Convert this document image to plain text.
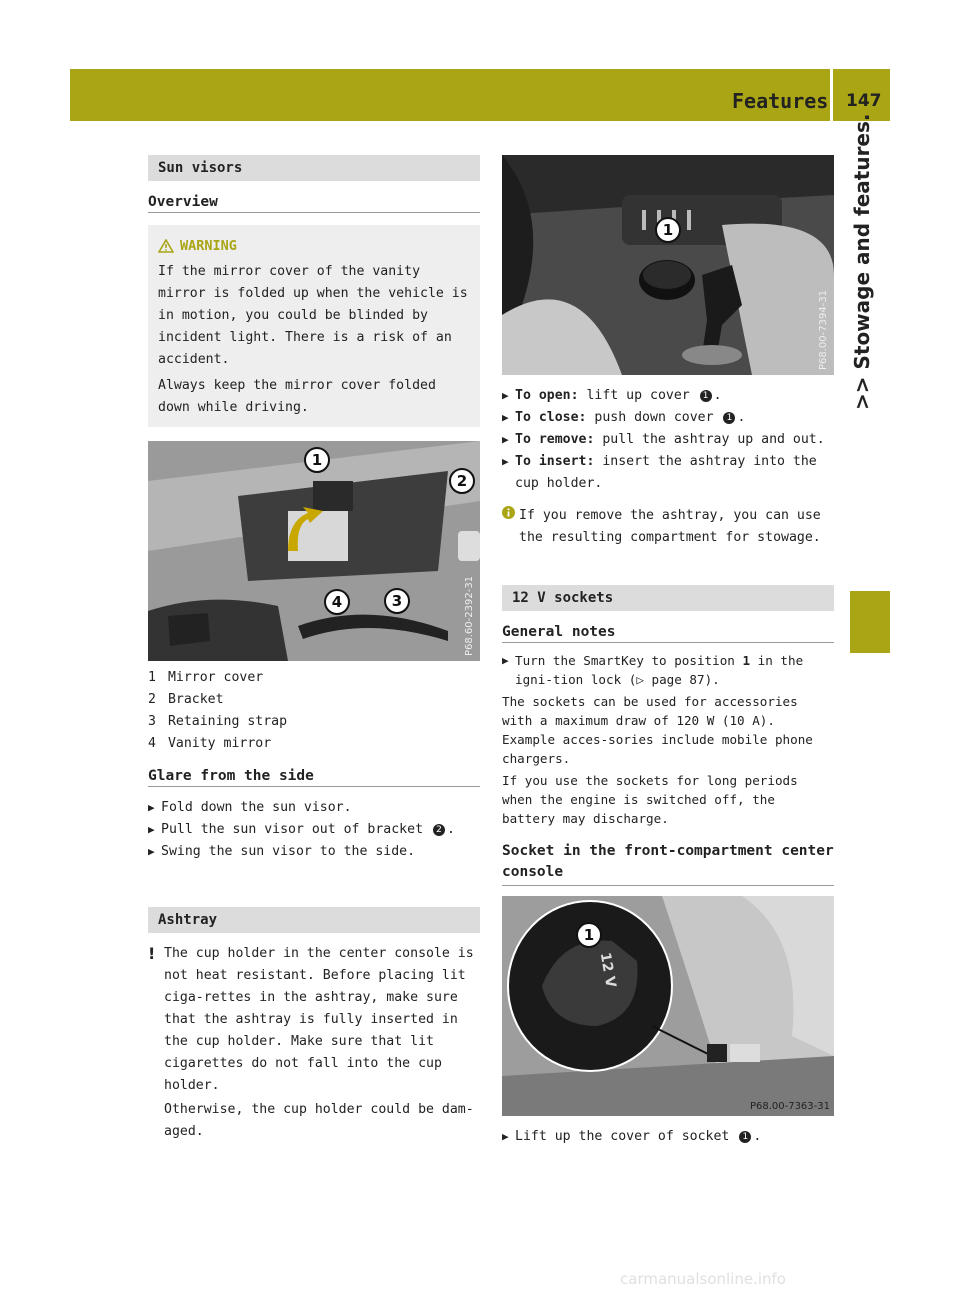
Features 147
>> Stowage and features.
Sun visors
Overview
WARNING
If the mirror cover of the vanity mirror is folded up when the vehicle is in motion, you could be blinded by incident light. There is a risk of an accident.
Always keep the mirror cover folded down while driving.
1
2
3
4	P68.60-2392-31
1 Mirror cover
2 Bracket
3 Retaining strap
4 Vanity mirror
Glare from the side
▶ Fold down the sun visor.
▶ Pull the sun visor out of bracket 2 .
▶ Swing the sun visor to the side.
Ashtray
! The cup holder in the center console is not heat resistant. Before placing lit ciga-rettes in the ashtray, make sure that the ashtray is fully inserted in the cup holder. Make sure that lit cigarettes do not fall into the cup holder.
Otherwise, the cup holder could be dam-aged.
1
P68.00-7394-31
▶ To open: lift up cover 1 .
▶ To close: push down cover 1 .
▶ To remove: pull the ashtray up and out.
▶ To insert: insert the ashtray into the cup holder.
If you remove the ashtray, you can use the resulting compartment for stowage.
12 V sockets
General notes
▶ Turn the SmartKey to position 1 in the igni-tion lock (▷ page 87).
The sockets can be used for accessories with a maximum draw of 120 W (10 A). Example acces-sories include mobile phone chargers.
If you use the sockets for long periods when the engine is switched off, the battery may discharge.
Socket in the front-compartment center console
1
12 V
P68.00-7363-31
▶ Lift up the cover of socket 1 .
carmanualsonline.info
